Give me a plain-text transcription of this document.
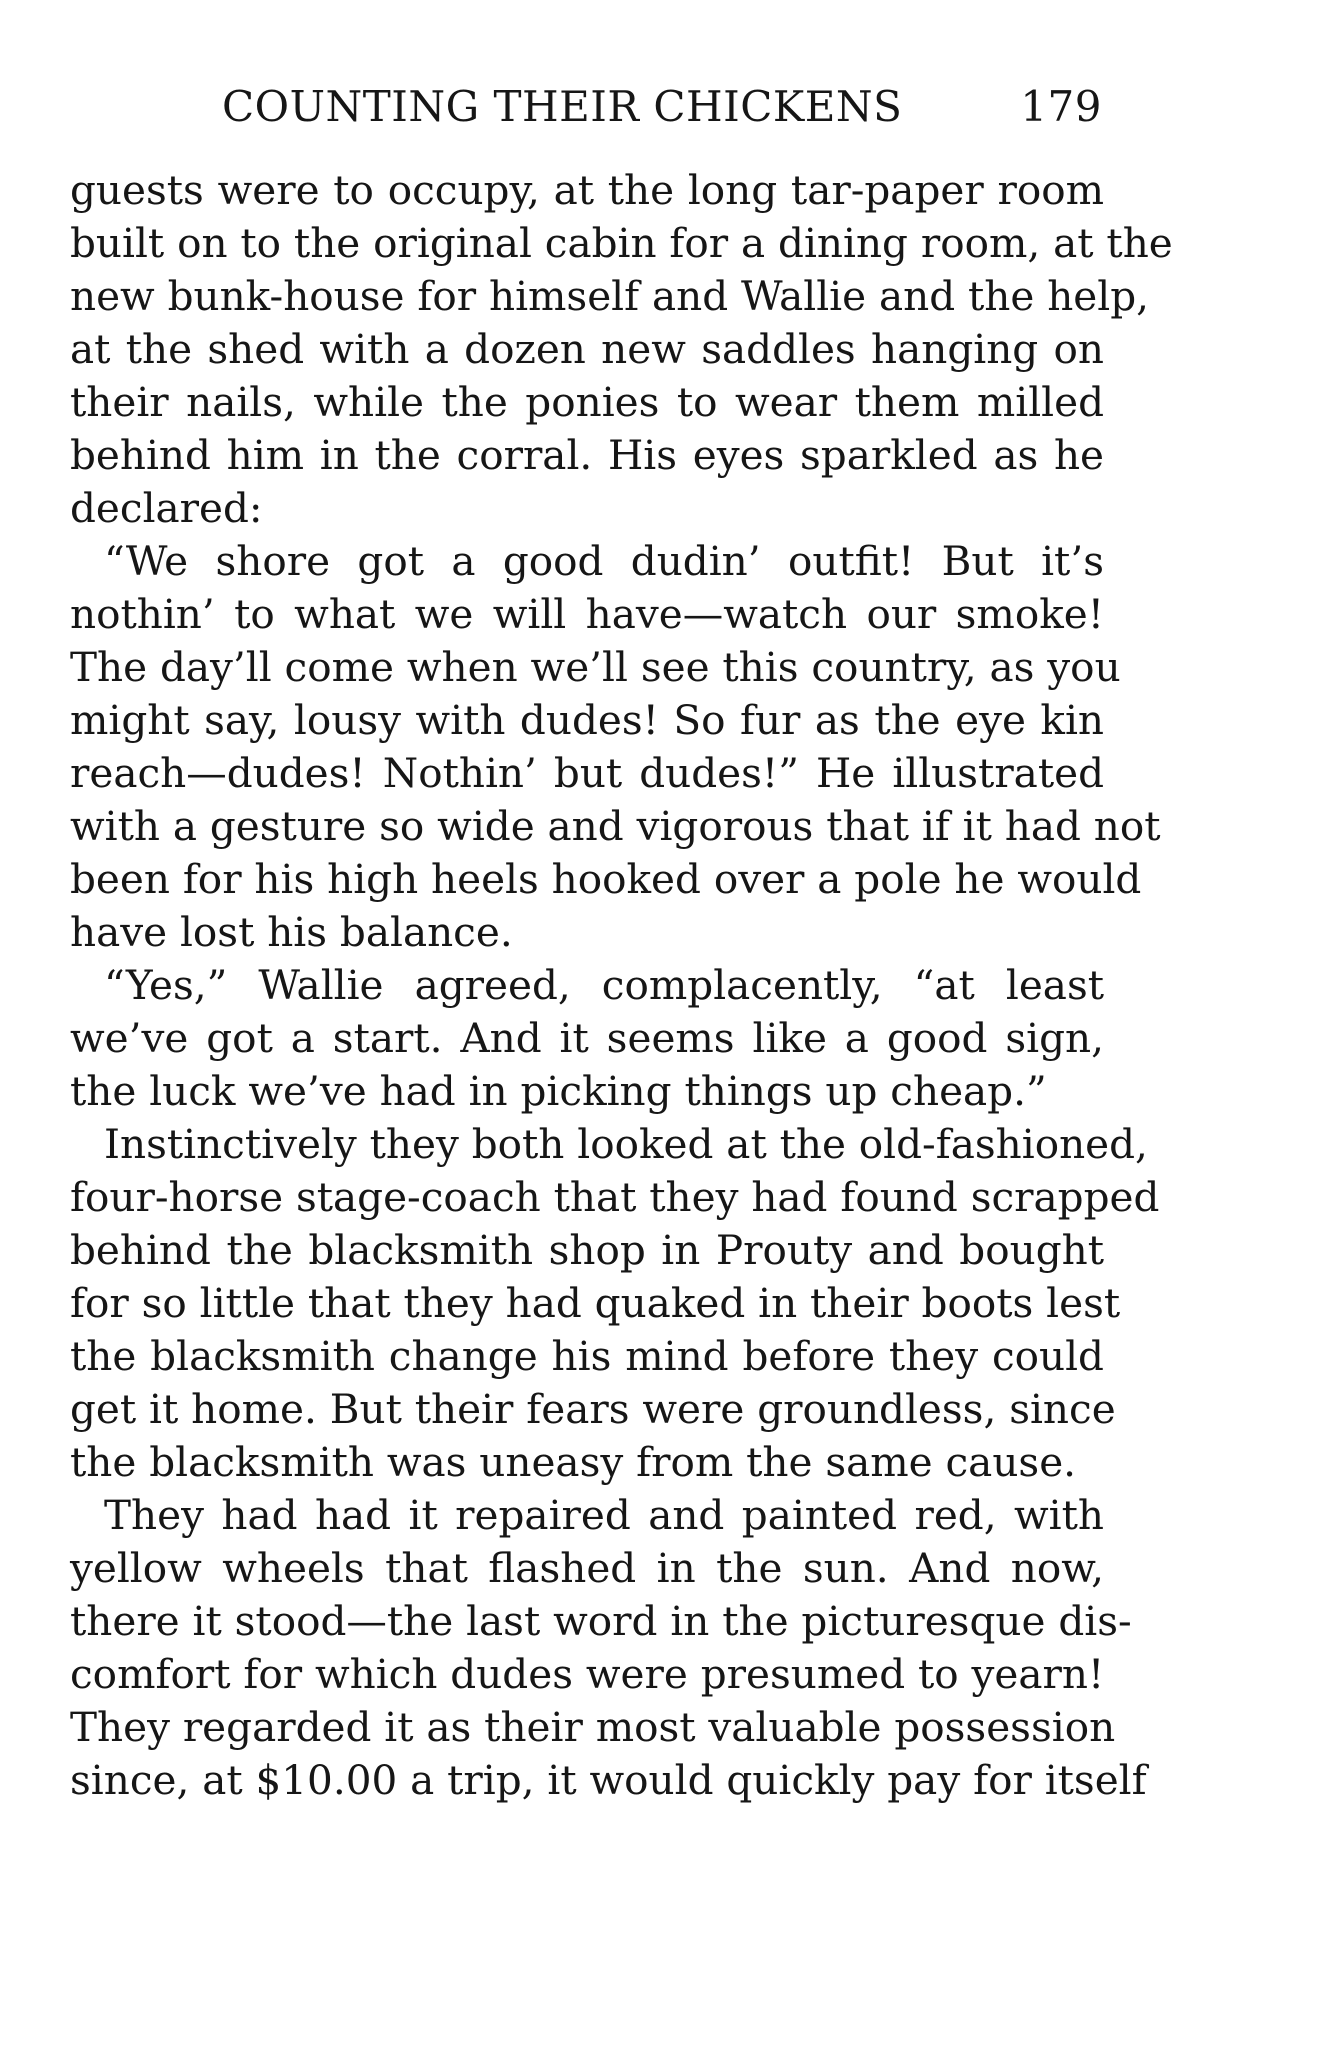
COUNTING THEIR CHICKENS	179
guests were to occupy, at the long tar-paper room
built on to the original cabin for a dining room, at the
new bunk-house for himself and Wallie and the help,
at the shed with a dozen new saddles hanging on
their nails, while the ponies to wear them milled
behind him in the corral. His eyes sparkled as he
declared:
“We shore got a good dudin’ outfit! But it’s
nothin’ to what we will have—watch our smoke!
The day’ll come when we’ll see this country, as you
might say, lousy with dudes! So fur as the eye kin
reach—dudes! Nothin’ but dudes!” He illustrated
with a gesture so wide and vigorous that if it had not
been for his high heels hooked over a pole he would
have lost his balance.
“Yes,” Wallie agreed, complacently, “at least
we’ve got a start. And it seems like a good sign,
the luck we’ve had in picking things up cheap.”
Instinctively they both looked at the old-fashioned,
four-horse stage-coach that they had found scrapped
behind the blacksmith shop in Prouty and bought
for so little that they had quaked in their boots lest
the blacksmith change his mind before they could
get it home. But their fears were groundless, since
the blacksmith was uneasy from the same cause.
They had had it repaired and painted red, with
yellow wheels that flashed in the sun. And now,
there it stood—the last word in the picturesque dis-
comfort for which dudes were presumed to yearn!
They regarded it as their most valuable possession
since, at $10.00 a trip, it would quickly pay for itself
